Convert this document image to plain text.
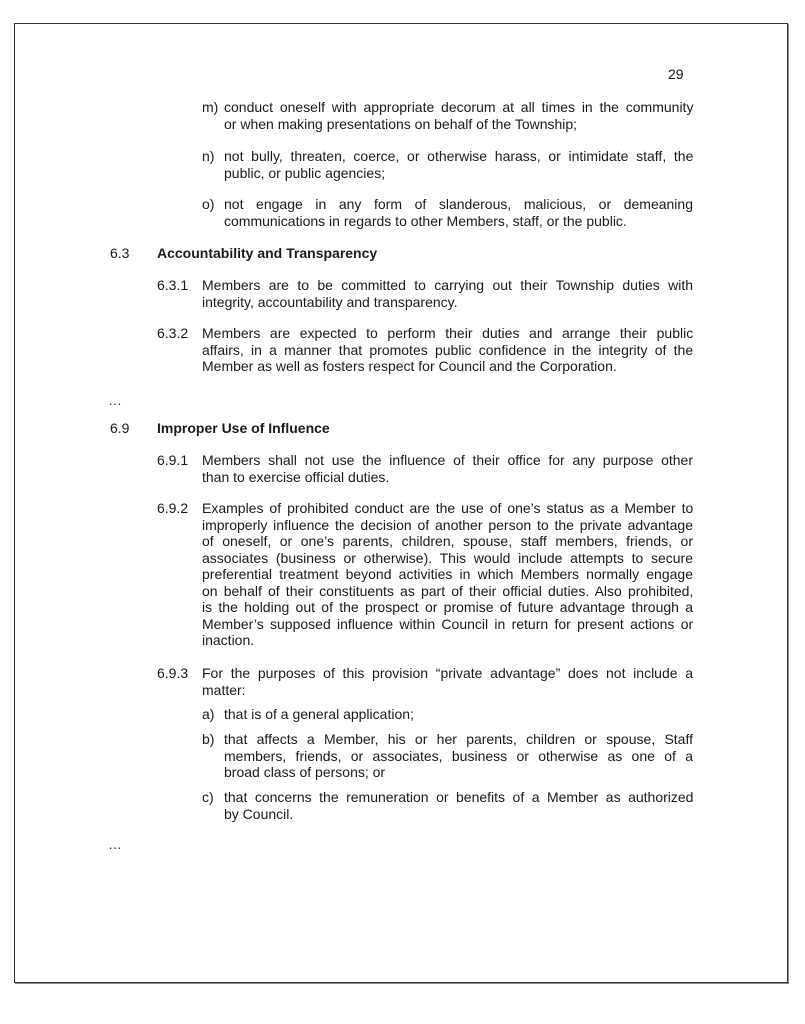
29
m) conduct oneself with appropriate decorum at all times in the community
or when making presentations on behalf of the Township;
n) not bully, threaten, coerce, or otherwise harass, or intimidate staff, the
public, or public agencies;
o) not engage in any form of slanderous, malicious, or demeaning
communications in regards to other Members, staff, or the public.
6.3 Accountability and Transparency
6.3.1 Members are to be committed to carrying out their Township duties with
integrity, accountability and transparency.
6.3.2 Members are expected to perform their duties and arrange their public
affairs, in a manner that promotes public confidence in the integrity of the
Member as well as fosters respect for Council and the Corporation.
…
6.9 Improper Use of Influence
6.9.1 Members shall not use the influence of their office for any purpose other
than to exercise official duties.
6.9.2 Examples of prohibited conduct are the use of one’s status as a Member to
improperly influence the decision of another person to the private advantage
of oneself, or one’s parents, children, spouse, staff members, friends, or
associates (business or otherwise). This would include attempts to secure
preferential treatment beyond activities in which Members normally engage
on behalf of their constituents as part of their official duties. Also prohibited,
is the holding out of the prospect or promise of future advantage through a
Member’s supposed influence within Council in return for present actions or
inaction.
6.9.3 For the purposes of this provision “private advantage” does not include a
matter:
a) that is of a general application;
b) that affects a Member, his or her parents, children or spouse, Staff
members, friends, or associates, business or otherwise as one of a
broad class of persons; or
c) that concerns the remuneration or benefits of a Member as authorized
by Council.
…
